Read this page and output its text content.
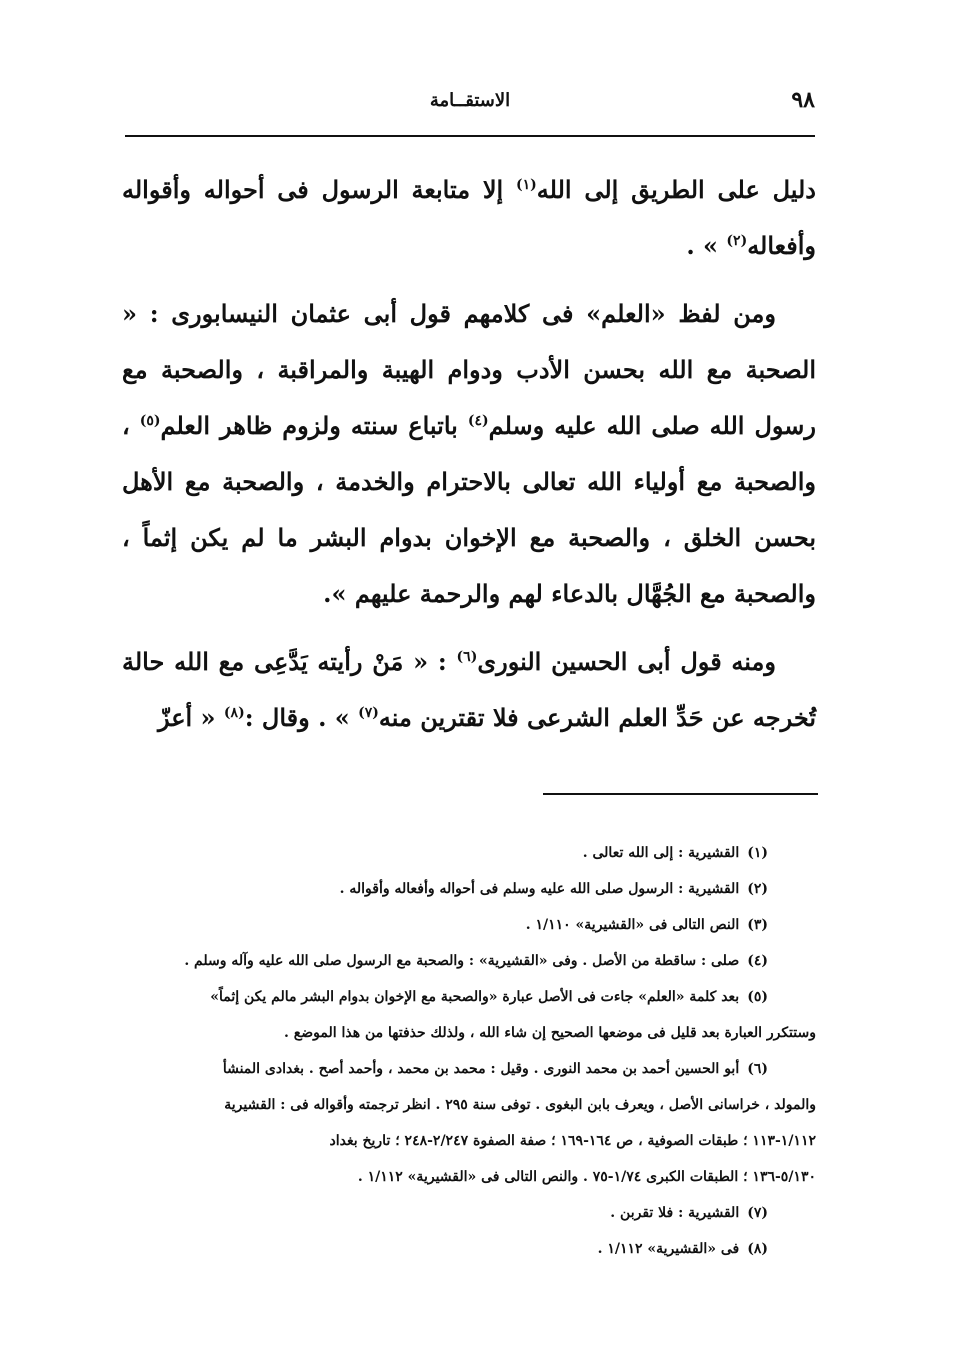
٩٨
الاستقــامة

دليل على الطريق إلى الله$^{(١)}$ إلا متابعة الرسول فى أحواله وأقواله وأفعاله$^{(٢)}$ » .

ومن لفظ «العلم» فى كلامهم قول أبى عثمان النيسابورى : « الصحبة مع الله بحسن الأدب ودوام الهيبة والمراقبة ، والصحبة مع رسول الله صلى الله عليه وسلم$^{(٤)}$ باتباع سنته ولزوم ظاهر العلم$^{(٥)}$ ، والصحبة مع أولياء الله تعالى بالاحترام والخدمة ، والصحبة مع الأهل بحسن الخلق ، والصحبة مع الإخوان بدوام البشر ما لم يكن إثماً ، والصحبة مع الجُهَّال بالدعاء لهم والرحمة عليهم ».

ومنه قول أبى الحسين النورى$^{(٦)}$ : « مَنْ رأيته يَدَّعِى مع الله حالة تُخرجه عن حَدِّ العلم الشرعى فلا تقترين منه$^{(٧)}$ » . وقال :$^{(٨)}$ « أعزّ

(١)القشيرية : إلى الله تعالى .

(٢)القشيرية : الرسول صلى الله عليه وسلم فى أحواله وأفعاله وأقواله .

(٣)النص التالى فى «القشيرية» ١/١١٠ .

(٤)صلى : ساقطة من الأصل . وفى «القشيرية» : والصحبة مع الرسول صلى الله عليه وآله وسلم .

(٥)بعد كلمة «العلم» جاءت فى الأصل عبارة «والصحبة مع الإخوان بدوام البشر مالم يكن إثماً»

وستتكرر العبارة بعد قليل فى موضعها الصحيح إن شاء الله ، ولذلك حذفتها من هذا الموضع .

(٦)أبو الحسين أحمد بن محمد النورى . وقيل : محمد بن محمد ، وأحمد أصح . بغدادى المنشأ

والمولد ، خراسانى الأصل ، ويعرف بابن البغوى . توفى سنة ٢٩٥ . انظر ترجمته وأقواله فى : القشيرية

١/١١٢-١١٣ ؛ طبقات الصوفية ، ص ١٦٤-١٦٩ ؛ صفة الصفوة ٢/٢٤٧-٢٤٨ ؛ تاريخ بغداد

٥/١٣٠-١٣٦ ؛ الطبقات الكبرى ١/٧٤-٧٥ . والنص التالى فى «القشيرية» ١/١١٢ .

(٧)القشيرية : فلا تقربن .

(٨)فى «القشيرية» ١/١١٢ .
